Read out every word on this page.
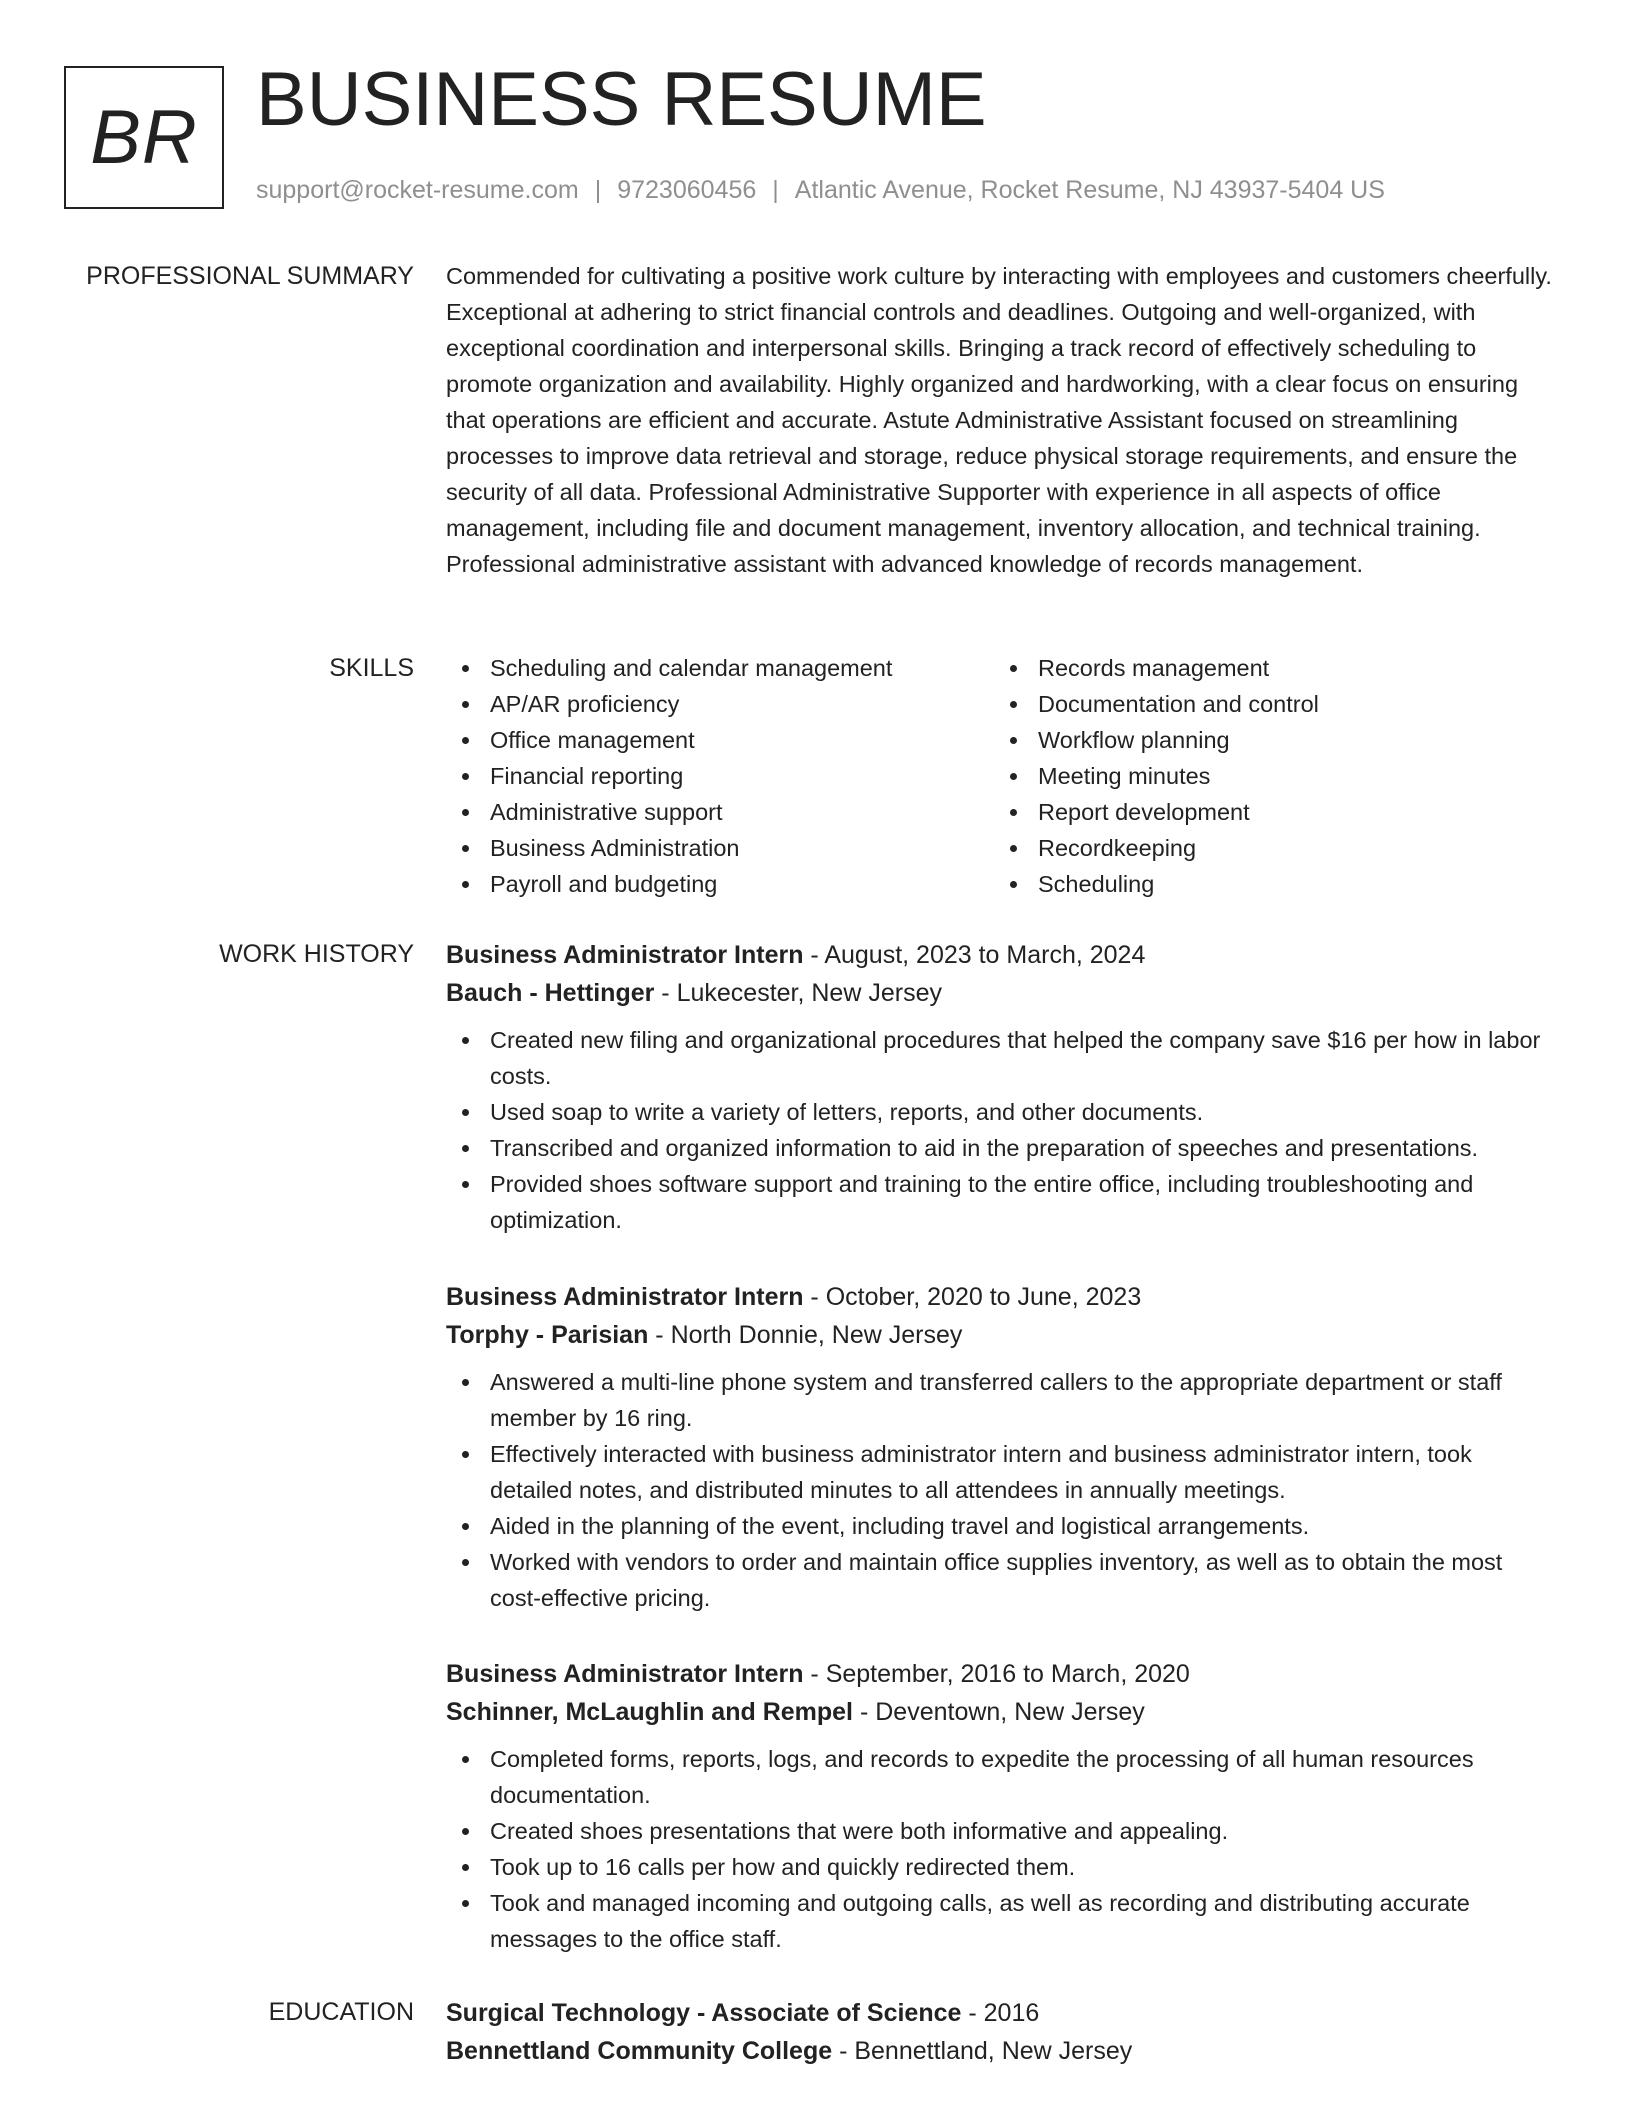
BR BUSINESS RESUME
support@rocket-resume.com | 9723060456 | Atlantic Avenue, Rocket Resume, NJ 43937-5404 US
PROFESSIONAL SUMMARY Commended for cultivating a positive work culture by interacting with employees and customers cheerfully. Exceptional at adhering to strict financial controls and deadlines. Outgoing and well-organized, with exceptional coordination and interpersonal skills. Bringing a track record of effectively scheduling to promote organization and availability. Highly organized and hardworking, with a clear focus on ensuring that operations are efficient and accurate. Astute Administrative Assistant focused on streamlining processes to improve data retrieval and storage, reduce physical storage requirements, and ensure the security of all data. Professional Administrative Supporter with experience in all aspects of office management, including file and document management, inventory allocation, and technical training. Professional administrative assistant with advanced knowledge of records management.
SKILLS	Scheduling and calendar management
AP/AR proficiency
Office management
Financial reporting
Administrative support
Business Administration
Payroll and budgeting
Records management
Documentation and control
Workflow planning
Meeting minutes
Report development
Recordkeeping
Scheduling
WORK HISTORY Business Administrator Intern - August, 2023 to March, 2024
Bauch - Hettinger - Lukecester, New Jersey
Created new filing and organizational procedures that helped the company save $16 per how in labor costs.
Used soap to write a variety of letters, reports, and other documents.
Transcribed and organized information to aid in the preparation of speeches and presentations.
Provided shoes software support and training to the entire office, including troubleshooting and optimization.
Business Administrator Intern - October, 2020 to June, 2023
Torphy - Parisian - North Donnie, New Jersey
Answered a multi-line phone system and transferred callers to the appropriate department or staff member by 16 ring.
Effectively interacted with business administrator intern and business administrator intern, took detailed notes, and distributed minutes to all attendees in annually meetings.
Aided in the planning of the event, including travel and logistical arrangements.
Worked with vendors to order and maintain office supplies inventory, as well as to obtain the most cost-effective pricing.
Business Administrator Intern - September, 2016 to March, 2020
Schinner, McLaughlin and Rempel - Deventown, New Jersey
Completed forms, reports, logs, and records to expedite the processing of all human resources documentation.
Created shoes presentations that were both informative and appealing.
Took up to 16 calls per how and quickly redirected them.
Took and managed incoming and outgoing calls, as well as recording and distributing accurate messages to the office staff.
EDUCATION Surgical Technology - Associate of Science - 2016
Bennettland Community College - Bennettland, New Jersey
